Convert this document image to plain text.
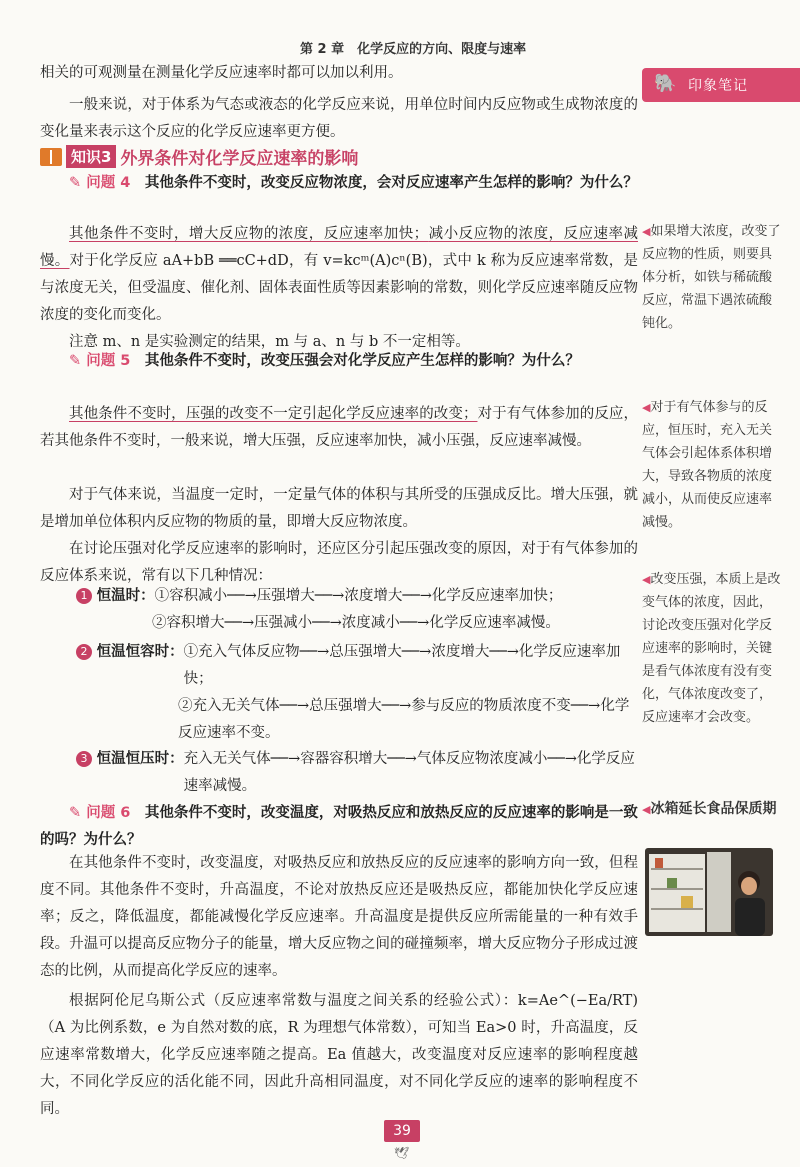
第 2 章　化学反应的方向、限度与速率
🐘 印象笔记
◀如果增大浓度，改变了反应物的性质，则要具体分析，如铁与稀硫酸反应，常温下遇浓硫酸钝化。
◀对于有气体参与的反应，恒压时，充入无关气体会引起体系体积增大，导致各物质的浓度减小，从而使反应速率减慢。
◀改变压强，本质上是改变气体的浓度，因此，讨论改变压强对化学反应速率的影响时，关键是看气体浓度有没有变化，气体浓度改变了，反应速率才会改变。
◀冰箱延长食品保质期

相关的可观测量在测量化学反应速率时都可以加以利用。

一般来说，对于体系为气态或液态的化学反应来说，用单位时间内反应物或生成物浓度的变化量来表示这个反应的化学反应速率更方便。

知识3 外界条件对化学反应速率的影响

✎ 问题 4　 其他条件不变时，改变反应物浓度，会对反应速率产生怎样的影响？为什么？

其他条件不变时，增大反应物的浓度，反应速率加快；减小反应物的浓度，反应速率减慢。对于化学反应 aA+bB ══cC+dD，有 v=kcᵐ(A)cⁿ(B)，式中 k 称为反应速率常数，是与浓度无关，但受温度、催化剂、固体表面性质等因素影响的常数，则化学反应速率随反应物浓度的变化而变化。

注意 m、n 是实验测定的结果，m 与 a、n 与 b 不一定相等。

✎ 问题 5　 其他条件不变时，改变压强会对化学反应产生怎样的影响？为什么？

其他条件不变时，压强的改变不一定引起化学反应速率的改变；对于有气体参加的反应，若其他条件不变时，一般来说，增大压强，反应速率加快，减小压强，反应速率减慢。

对于气体来说，当温度一定时，一定量气体的体积与其所受的压强成反比。增大压强，就是增加单位体积内反应物的物质的量，即增大反应物浓度。

在讨论压强对化学反应速率的影响时，还应区分引起压强改变的原因，对于有气体参加的反应体系来说，常有以下几种情况：

1 恒温时：①容积减小──→压强增大──→浓度增大──→化学反应速率加快；
②容积增大──→压强减小──→浓度减小──→化学反应速率减慢。
2 恒温恒容时： ①充入气体反应物──→总压强增大──→浓度增大──→化学反应速率加快；
②充入无关气体──→总压强增大──→参与反应的物质浓度不变──→化学反应速率不变。
3 恒温恒压时： 充入无关气体──→容器容积增大──→气体反应物浓度减小──→化学反应速率减慢。

✎ 问题 6　 其他条件不变时，改变温度，对吸热反应和放热反应的反应速率的影响是一致的吗？为什么？

在其他条件不变时，改变温度，对吸热反应和放热反应的反应速率的影响方向一致，但程度不同。其他条件不变时，升高温度，不论对放热反应还是吸热反应，都能加快化学反应速率；反之，降低温度，都能减慢化学反应速率。升高温度是提供反应所需能量的一种有效手段。升温可以提高反应物分子的能量，增大反应物之间的碰撞频率，增大反应物分子形成过渡态的比例，从而提高化学反应的速率。

根据阿伦尼乌斯公式（反应速率常数与温度之间关系的经验公式）：k=Ae^(−Ea/RT)（A 为比例系数，e 为自然对数的底，R 为理想气体常数），可知当 Ea>0 时，升高温度，反应速率常数增大，化学反应速率随之提高。Ea 值越大，改变温度对反应速率的影响程度越大，不同化学反应的活化能不同，因此升高相同温度，对不同化学反应的速率的影响程度不同。

39
🕊
